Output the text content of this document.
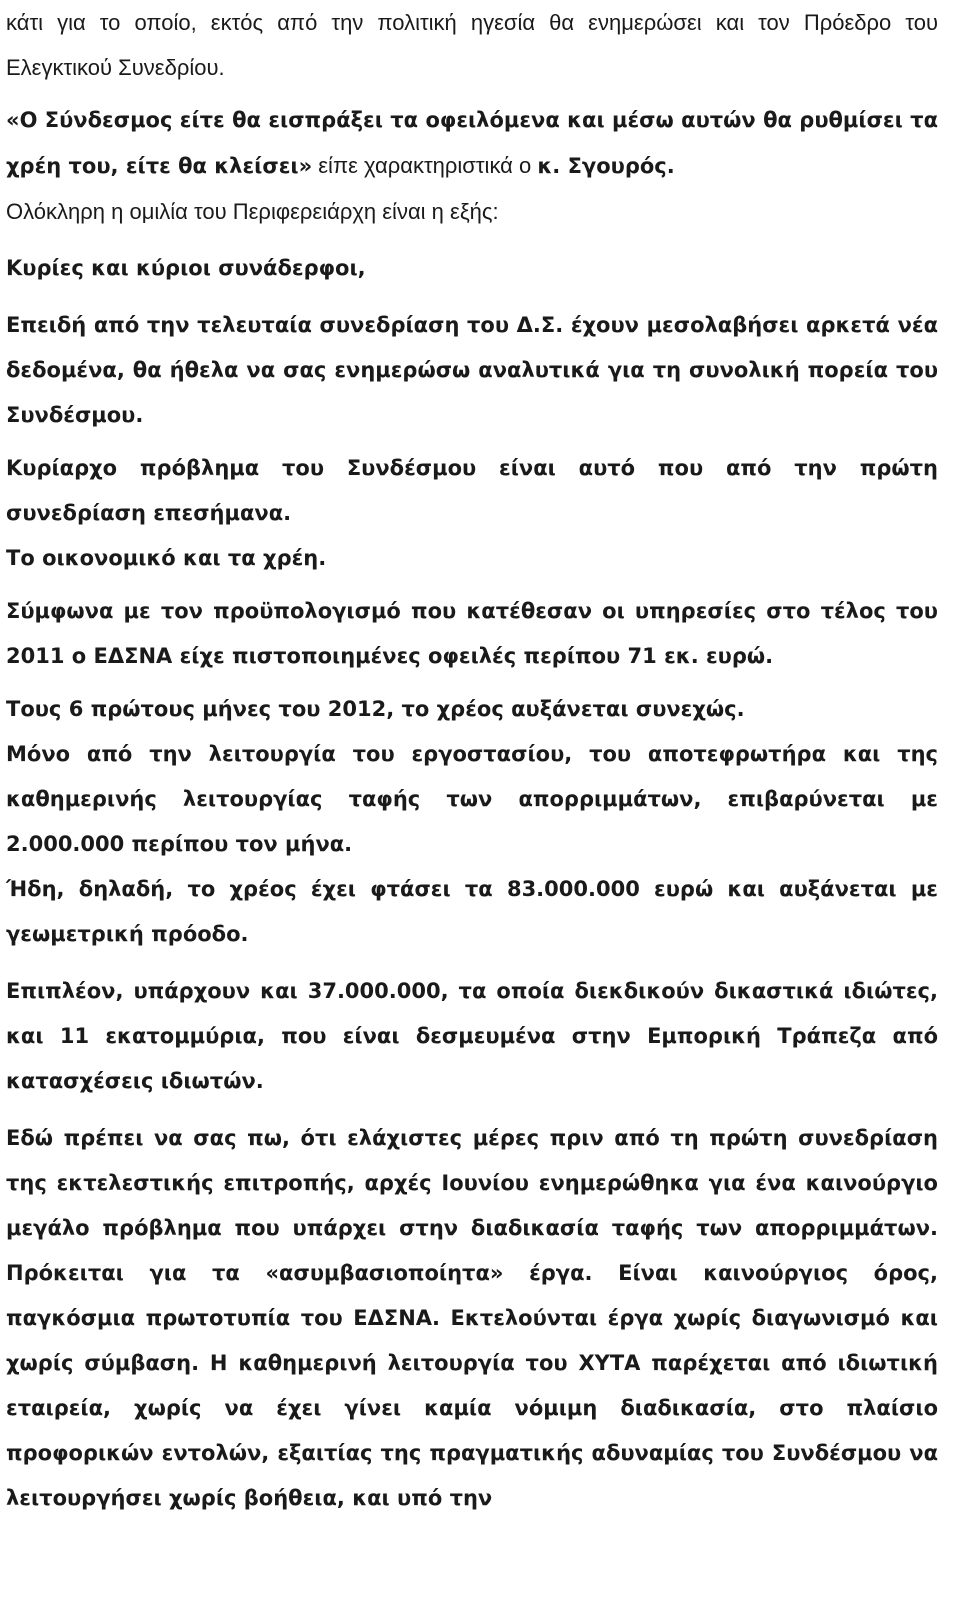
κάτι για το οποίο, εκτός από την πολιτική ηγεσία θα ενημερώσει και τον Πρόεδρο του Ελεγκτικού Συνεδρίου.

«Ο Σύνδεσμος είτε θα εισπράξει τα οφειλόμενα και μέσω αυτών θα ρυθμίσει τα χρέη του, είτε θα κλείσει» είπε χαρακτηριστικά ο κ. Σγουρός.

Ολόκληρη η ομιλία του Περιφερειάρχη είναι η εξής:

Κυρίες και κύριοι συνάδερφοι,

Επειδή από την τελευταία συνεδρίαση του Δ.Σ. έχουν μεσολαβήσει αρκετά νέα δεδομένα, θα ήθελα να σας ενημερώσω αναλυτικά για τη συνολική πορεία του Συνδέσμου.

Κυρίαρχο πρόβλημα του Συνδέσμου είναι αυτό που από την πρώτη συνεδρίαση επεσήμανα.

Το οικονομικό και τα χρέη.

Σύμφωνα με τον προϋπολογισμό που κατέθεσαν οι υπηρεσίες στο τέλος του 2011 ο ΕΔΣΝΑ είχε πιστοποιημένες οφειλές περίπου 71 εκ. ευρώ.

Τους 6 πρώτους μήνες του 2012, το χρέος αυξάνεται συνεχώς.

Μόνο από την λειτουργία του εργοστασίου, του αποτεφρωτήρα και της καθημερινής λειτουργίας ταφής των απορριμμάτων, επιβαρύνεται με 2.000.000 περίπου τον μήνα.

Ήδη, δηλαδή, το χρέος έχει φτάσει τα 83.000.000 ευρώ και αυξάνεται με γεωμετρική πρόοδο.

Επιπλέον, υπάρχουν και 37.000.000, τα οποία διεκδικούν δικαστικά ιδιώτες, και 11 εκατομμύρια, που είναι δεσμευμένα στην Εμπορική Τράπεζα από κατασχέσεις ιδιωτών.

Εδώ πρέπει να σας πω, ότι ελάχιστες μέρες πριν από τη πρώτη συνεδρίαση της εκτελεστικής επιτροπής, αρχές Ιουνίου ενημερώθηκα για ένα καινούργιο μεγάλο πρόβλημα που υπάρχει στην διαδικασία ταφής των απορριμμάτων. Πρόκειται για τα «ασυμβασιοποίητα» έργα. Είναι καινούργιος όρος, παγκόσμια πρωτοτυπία του ΕΔΣΝΑ. Εκτελούνται έργα χωρίς διαγωνισμό και χωρίς σύμβαση. Η καθημερινή λειτουργία του ΧΥΤΑ παρέχεται από ιδιωτική εταιρεία, χωρίς να έχει γίνει καμία νόμιμη διαδικασία, στο πλαίσιο προφορικών εντολών, εξαιτίας της πραγματικής αδυναμίας του Συνδέσμου να λειτουργήσει χωρίς βοήθεια, και υπό την
